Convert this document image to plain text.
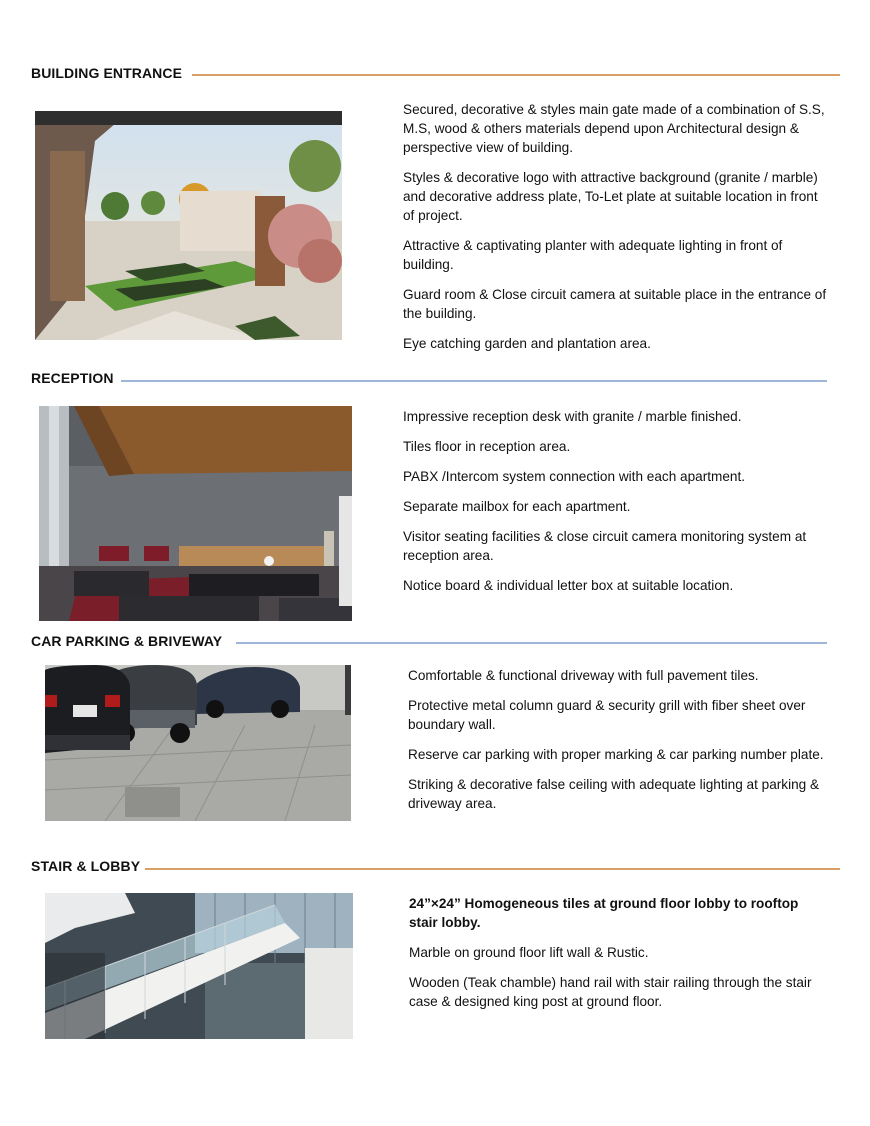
BUILDING ENTRANCE

Secured, decorative & styles main gate made of a combination of S.S, M.S, wood & others materials depend upon Architectural design & perspective view of building.

Styles & decorative logo with attractive background (granite / marble) and decorative address plate, To-Let plate at suitable location in front of project.

Attractive & captivating planter with adequate lighting in front of building.

Guard room & Close circuit camera at suitable place in the entrance of the building.

Eye catching garden and plantation area.

RECEPTION

Impressive reception desk with granite / marble finished.

Tiles floor in reception area.

PABX /Intercom system connection with each apartment.

Separate mailbox for each apartment.

Visitor seating facilities & close circuit camera monitoring system at reception area.

Notice board & individual letter box at suitable location.

CAR PARKING & BRIVEWAY

Comfortable & functional driveway with full pavement tiles.

Protective metal column guard & security grill with fiber sheet over boundary wall.

Reserve car parking with proper marking & car parking number plate.

Striking & decorative false ceiling with adequate lighting at parking & driveway area.

STAIR & LOBBY

24”×24” Homogeneous tiles at ground floor lobby to rooftop stair lobby.

Marble on ground floor lift wall & Rustic.

Wooden (Teak chamble) hand rail with stair railing through the stair case & designed king post at ground floor.
